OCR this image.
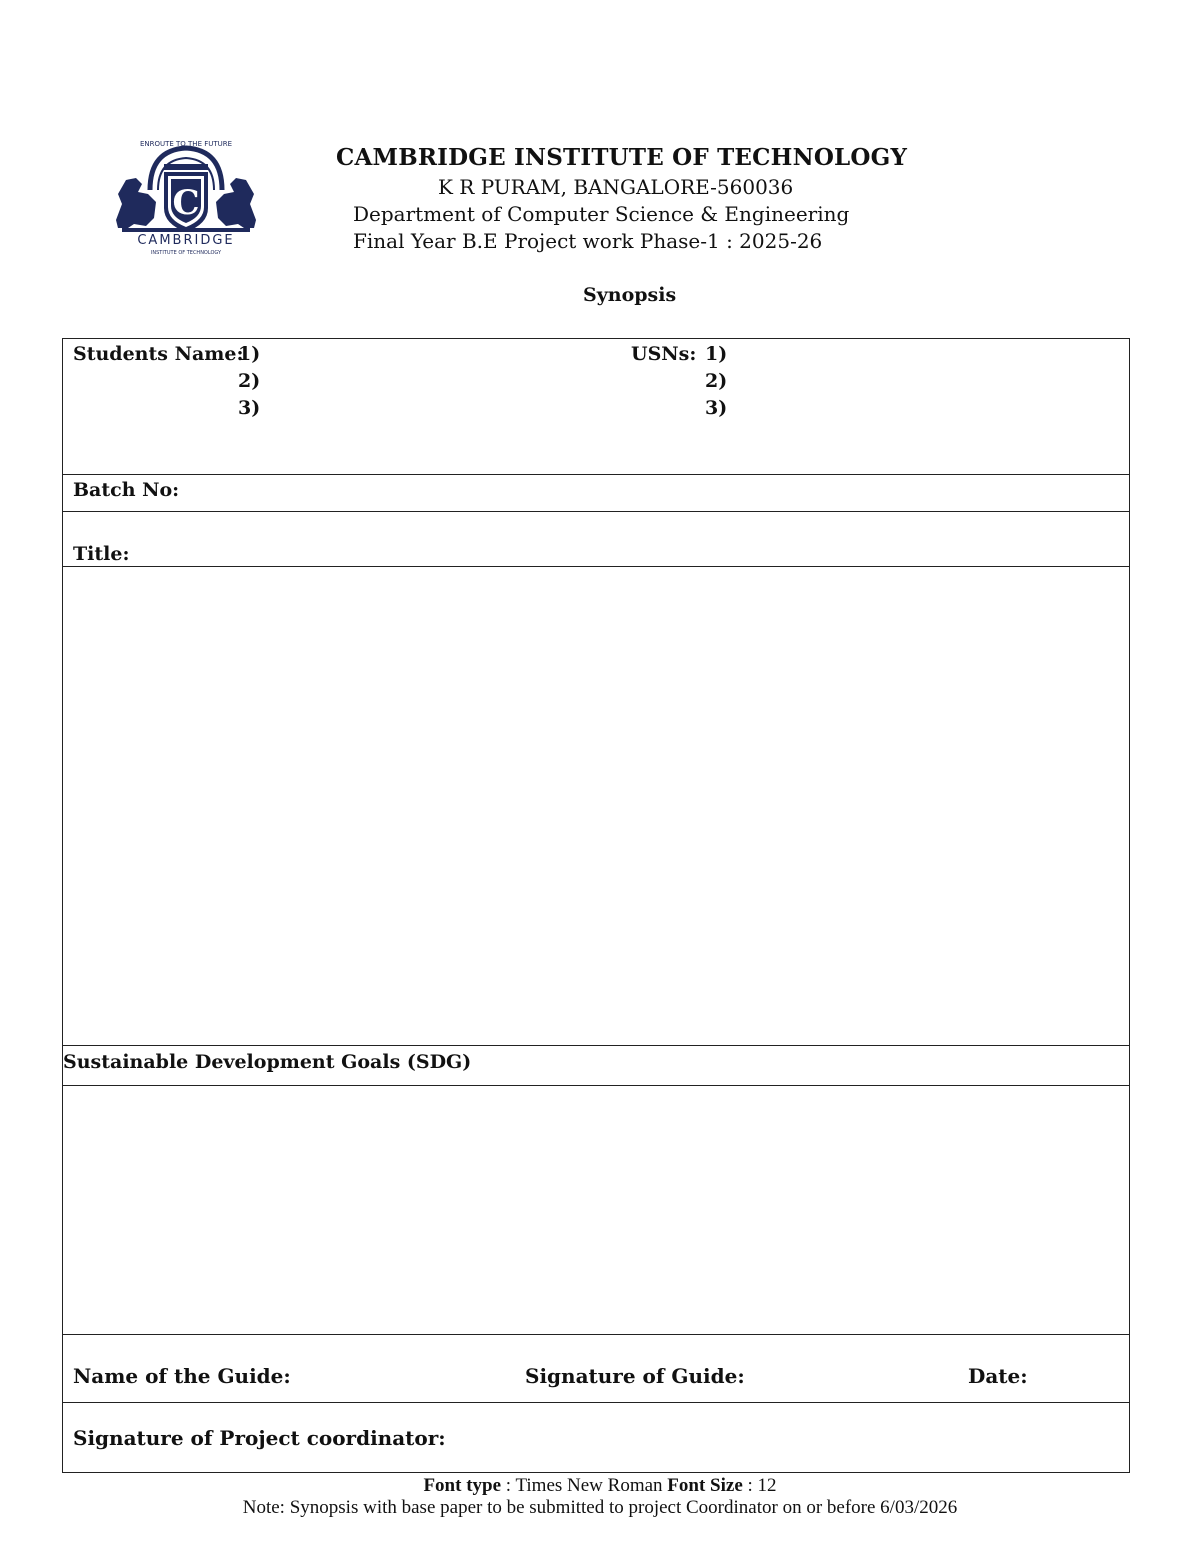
ENROUTE TO THE FUTURE
C
CAMBRIDGE
INSTITUTE OF TECHNOLOGY
CAMBRIDGE INSTITUTE OF TECHNOLOGY
K R PURAM, BANGALORE-560036
Department of Computer Science & Engineering
Final Year B.E Project work Phase-1 : 2025-26
Synopsis
Students Name:
1)
2)
3)
USNs: 1)
2)
3)
Batch No:
Title:
Sustainable Development Goals (SDG)
Name of the Guide:	Signature of Guide:	Date:
Signature of Project coordinator:
Font type : Times New Roman Font Size : 12
Note: Synopsis with base paper to be submitted to project Coordinator on or before 6/03/2026
